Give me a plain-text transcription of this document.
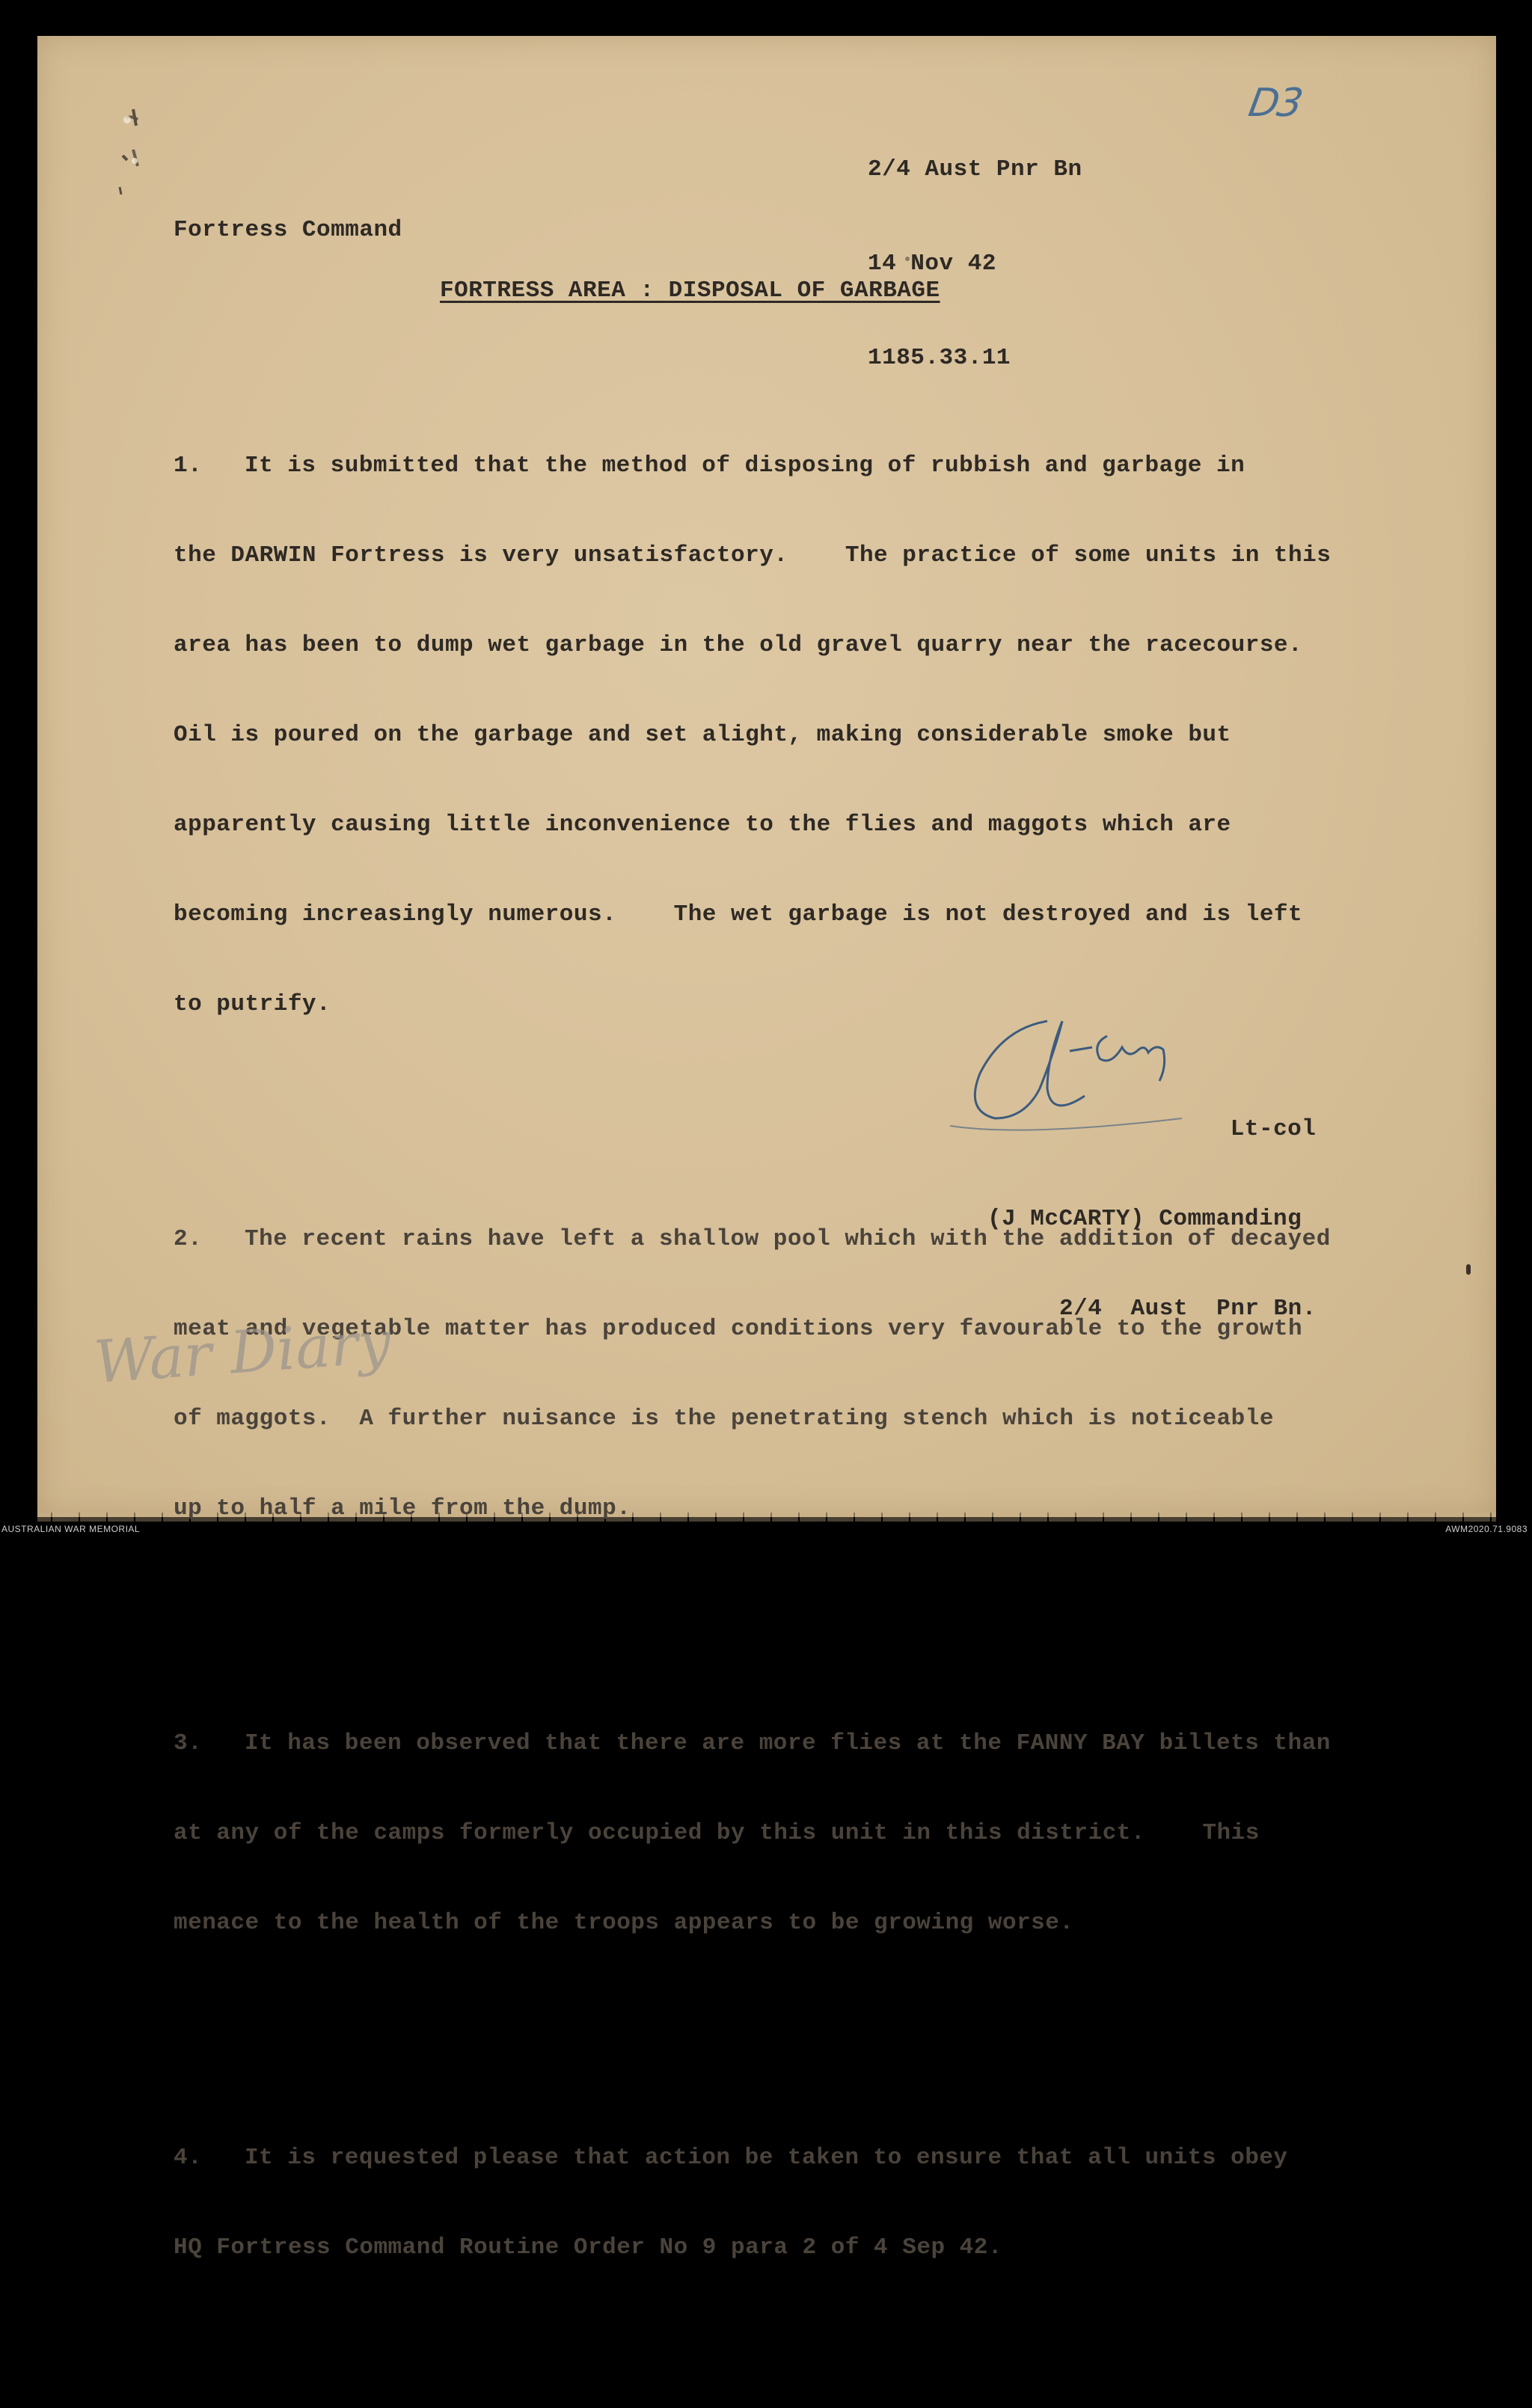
2/4 Aust Pnr Bn

14 Nov 42

1185.33.11

D3
Fortress Command
FORTRESS AREA : DISPOSAL OF GARBAGE

1. It is submitted that the method of disposing of rubbish and garbage in

the DARWIN Fortress is very unsatisfactory.    The practice of some units in this

area has been to dump wet garbage in the old gravel quarry near the racecourse.

Oil is poured on the garbage and set alight, making considerable smoke but

apparently causing little inconvenience to the flies and maggots which are

becoming increasingly numerous.    The wet garbage is not destroyed and is left

to putrify.

2. The recent rains have left a shallow pool which with the addition of decayed

meat and vegetable matter has produced conditions very favourable to the growth

of maggots.  A further nuisance is the penetrating stench which is noticeable

up to half a mile from the dump.

3. It has been observed that there are more flies at the FANNY BAY billets than

at any of the camps formerly occupied by this unit in this district.    This

menace to the health of the troops appears to be growing worse.

4. It is requested please that action be taken to ensure that all units obey

HQ Fortress Command Routine Order No 9 para 2 of 4 Sep 42.

Lt-col

(J McCARTY) Commanding

2/4  Aust  Pnr Bn.

War Diary
AUSTRALIAN WAR MEMORIAL	AWM2020.71.9083
